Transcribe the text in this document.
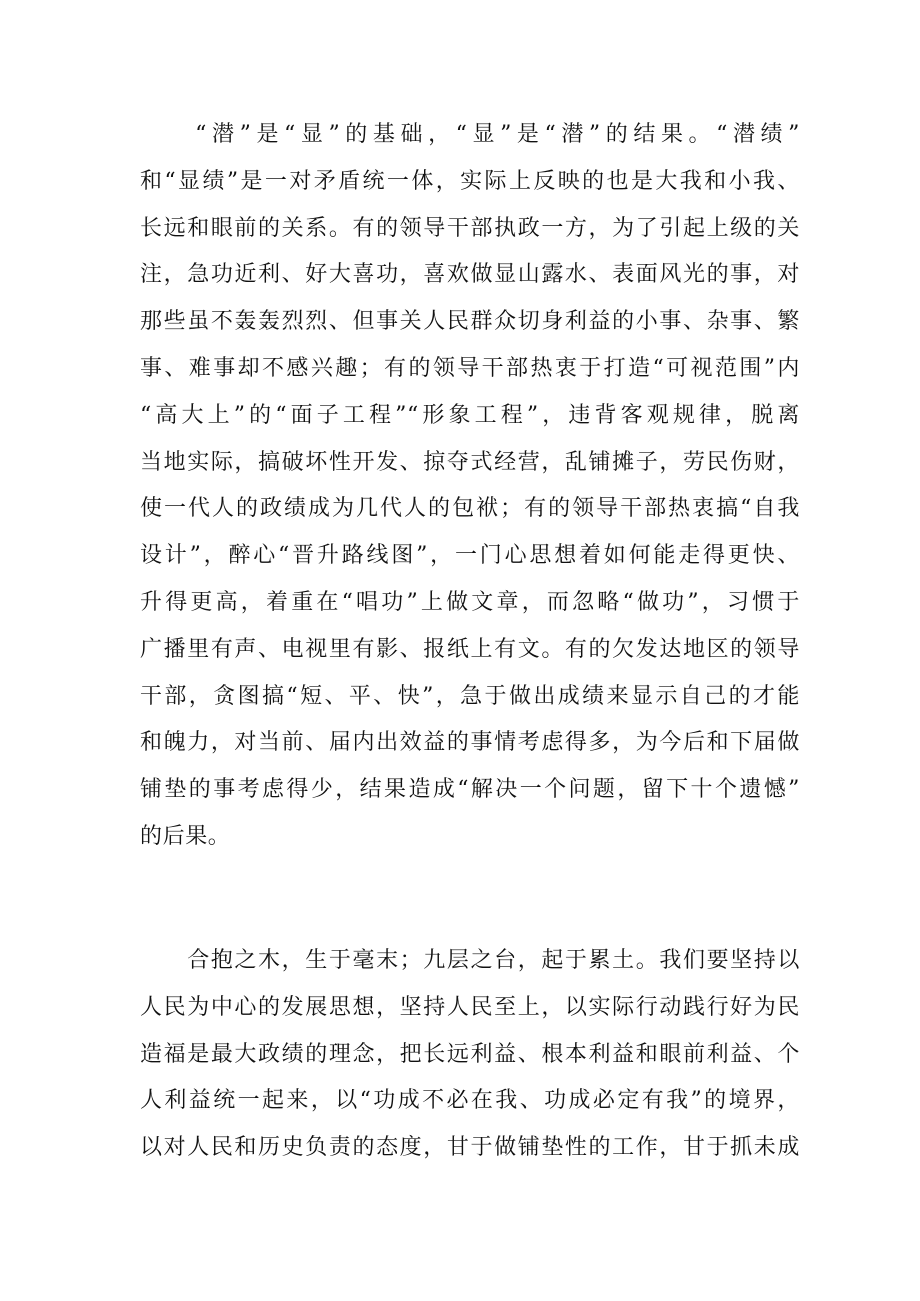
　　“潜”是“显”的基础，“显”是“潜”的结果。“潜绩”
和“显绩”是一对矛盾统一体，实际上反映的也是大我和小我、
长远和眼前的关系。有的领导干部执政一方，为了引起上级的关
注，急功近利、好大喜功，喜欢做显山露水、表面风光的事，对
那些虽不轰轰烈烈、但事关人民群众切身利益的小事、杂事、繁
事、难事却不感兴趣；有的领导干部热衷于打造“可视范围”内
“高大上”的“面子工程”“形象工程”，违背客观规律，脱离
当地实际，搞破坏性开发、掠夺式经营，乱铺摊子，劳民伤财，
使一代人的政绩成为几代人的包袱；有的领导干部热衷搞“自我
设计”，醉心“晋升路线图”，一门心思想着如何能走得更快、
升得更高，着重在“唱功”上做文章，而忽略“做功”，习惯于
广播里有声、电视里有影、报纸上有文。有的欠发达地区的领导
干部，贪图搞“短、平、快”，急于做出成绩来显示自己的才能
和魄力，对当前、届内出效益的事情考虑得多，为今后和下届做
铺垫的事考虑得少，结果造成“解决一个问题，留下十个遗憾”
的后果。
　　合抱之木，生于毫末；九层之台，起于累土。我们要坚持以
人民为中心的发展思想，坚持人民至上，以实际行动践行好为民
造福是最大政绩的理念，把长远利益、根本利益和眼前利益、个
人利益统一起来，以“功成不必在我、功成必定有我”的境界，
以对人民和历史负责的态度，甘于做铺垫性的工作，甘于抓未成
